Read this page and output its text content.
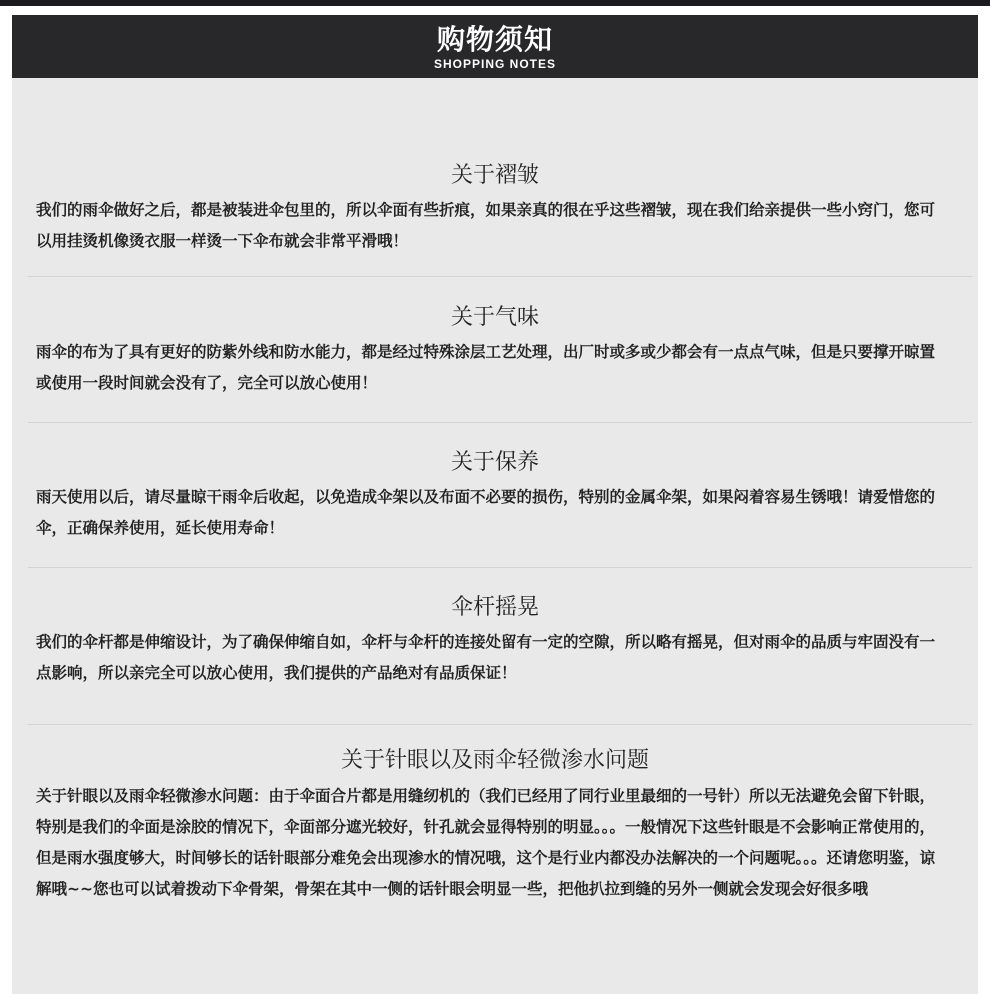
购物须知
SHOPPING NOTES
关于褶皱
我们的雨伞做好之后，都是被装进伞包里的，所以伞面有些折痕，如果亲真的很在乎这些褶皱，现在我们给亲提供一些小窍门，您可以用挂烫机像烫衣服一样烫一下伞布就会非常平滑哦！
关于气味
雨伞的布为了具有更好的防紫外线和防水能力，都是经过特殊涂层工艺处理，出厂时或多或少都会有一点点气味，但是只要撑开晾置或使用一段时间就会没有了，完全可以放心使用！
关于保养
雨天使用以后，请尽量晾干雨伞后收起，以免造成伞架以及布面不必要的损伤，特别的金属伞架，如果闷着容易生锈哦！请爱惜您的伞，正确保养使用，延长使用寿命！
伞杆摇晃
我们的伞杆都是伸缩设计，为了确保伸缩自如，伞杆与伞杆的连接处留有一定的空隙，所以略有摇晃，但对雨伞的品质与牢固没有一点影响，所以亲完全可以放心使用，我们提供的产品绝对有品质保证！
关于针眼以及雨伞轻微渗水问题
关于针眼以及雨伞轻微渗水问题：由于伞面合片都是用缝纫机的（我们已经用了同行业里最细的一号针）所以无法避免会留下针眼，特别是我们的伞面是涂胶的情况下，伞面部分遮光较好，针孔就会显得特别的明显。。。一般情况下这些针眼是不会影响正常使用的，但是雨水强度够大，时间够长的话针眼部分难免会出现渗水的情况哦，这个是行业内都没办法解决的一个问题呢。。。还请您明鉴，谅解哦~~您也可以试着拨动下伞骨架，骨架在其中一侧的话针眼会明显一些，把他扒拉到缝的另外一侧就会发现会好很多哦
